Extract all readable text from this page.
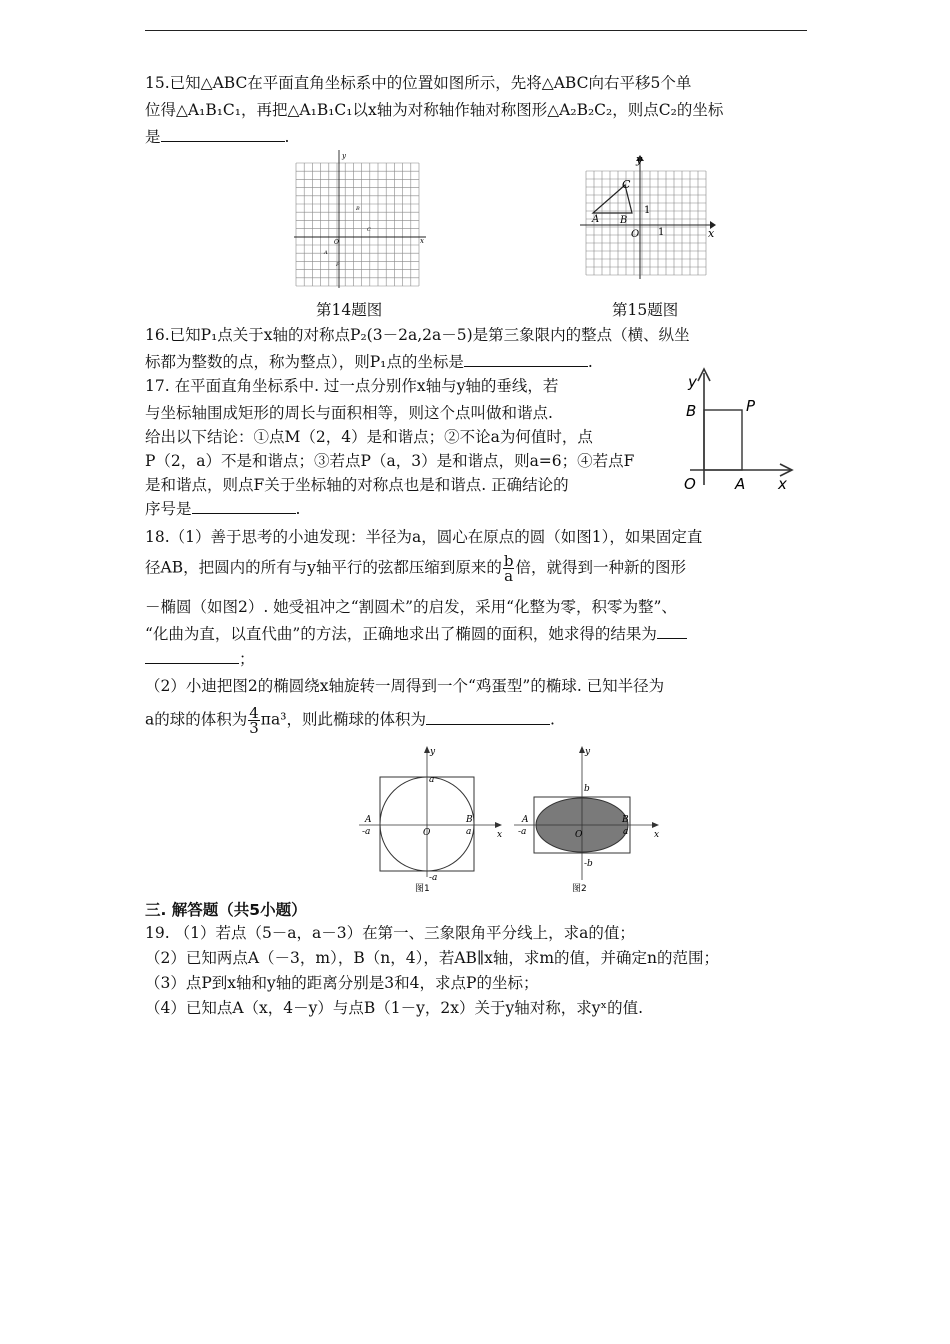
15.已知△ABC在平面直角坐标系中的位置如图所示，先将△ABC向右平移5个单

位得△A₁B₁C₁，再把△A₁B₁C₁以x轴为对称轴作轴对称图形△A₂B₂C₂，则点C₂的坐标

是	.

y
x
O
A
B
C
P
第14题图
y
x
C
A B
O 1
1
第15题图

16.已知P₁点关于x轴的对称点P₂(3－2a,2a－5)是第三象限内的整点（横、纵坐

标都为整数的点，称为整点），则P₁点的坐标是	.

17. 在平面直角坐标系中. 过一点分别作x轴与y轴的垂线，若

与坐标轴围成矩形的周长与面积相等，则这个点叫做和谐点.

给出以下结论：①点M（2，4）是和谐点；②不论a为何值时，点

P（2，a）不是和谐点；③若点P（a，3）是和谐点，则a=6；④若点F

是和谐点，则点F关于坐标轴的对称点也是和谐点. 正确结论的

序号是	.

y
x
B	P
O	A

18.（1）善于思考的小迪发现：半径为a，圆心在原点的圆（如图1），如果固定直

径AB，把圆内的所有与y轴平行的弦都压缩到原来的 $\frac{b}{a}$ 倍，就得到一种新的图形

－椭圆（如图2）. 她受祖冲之“割圆术”的启发，采用“化整为零，积零为整”、

“化曲为直，以直代曲”的方法，正确地求出了椭圆的面积，她求得的结果为

；

（2）小迪把图2的椭圆绕x轴旋转一周得到一个“鸡蛋型”的椭球. 已知半径为

a的球的体积为 $\frac{4}{3} \pi a^3$，则此椭球的体积为	.

y
x
a
-a
A
-a
B
a
O
图1
y
x
b
-b
A
-a
B
a
O
图2
三. 解答题（共5小题）

19. （1）若点（5－a，a－3）在第一、三象限角平分线上，求a的值；

（2）已知两点A（－3，m），B（n，4），若AB∥x轴，求m的值，并确定n的范围；

（3）点P到x轴和y轴的距离分别是3和4，求点P的坐标；

（4）已知点A（x，4－y）与点B（1－y，2x）关于y轴对称，求yˣ的值.
